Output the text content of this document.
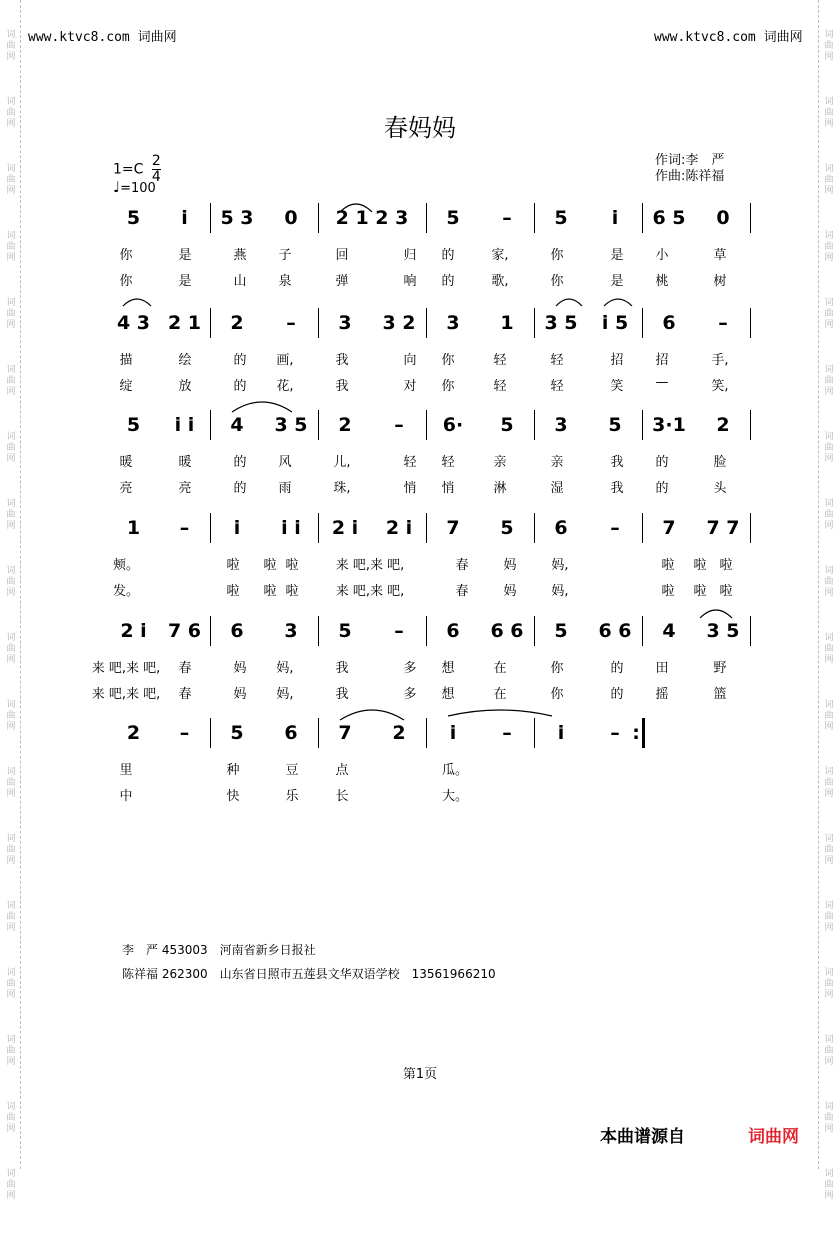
词
曲
网
词
曲
网
词
曲
网
词
曲
网
词
曲
网
词
曲
网
词
曲
网
词
曲
网
词
曲
网
词
曲
网
词
曲
网
词
曲
网
词
曲
网
词
曲
网
词
曲
网
词
曲
网
词
曲
网
词
曲
网
词
曲
网
词
曲
网
词
曲
网
词
曲
网
词
曲
网
词
曲
网
词
曲
网
词
曲
网
词
曲
网
词
曲
网
词
曲
网
词
曲
网
词
曲
网
词
曲
网
词
曲
网
词
曲
网
词
曲
网
词
曲
网
www.ktvc8.com 词曲网	www.ktvc8.com 词曲网
春妈妈
$1=C \frac{2}{4}$
♩=100
作词:李　严
作曲:陈祥福
5 i 5 3 0 2 1 2 3 5 – 5 i 6 5 0
你	是	燕 子	回	归 的	家,	你	是 小	草
你	是	山 泉	弹	响 的	歌,	你	是 桃	树
4 3 2 1 2 – 3 3 2 3 1 3 5 i 5 6 –
描	绘	的 画,	我	向 你	轻	轻	招 招	手,
绽	放	的 花,	我	对 你	轻	轻	笑 —	笑,
5 i i 4 3 5 2 – 6· 5 3 5 3·1 2
暖	暖	的 风	儿,	轻 轻	亲	亲	我 的	脸
亮	亮	的 雨	珠,	悄 悄	淋	湿	我 的	头
1 – i i i 2 i 2 i 7 5 6 – 7 7 7
颊。	啦 啦 啦	来 吧,来 吧,	春	妈	妈,	啦 啦 啦
发。	啦 啦 啦	来 吧,来 吧,	春	妈	妈,	啦 啦 啦
2 i 7 6 6 3 5 – 6 6 6 5 6 6 4 3 5
来 吧,来 吧, 春	妈 妈,	我	多 想	在	你	的 田	野
来 吧,来 吧, 春	妈 妈,	我	多 想	在	你	的 摇	篮
2 – 5 6 7 2 i – i – :
里	种	豆	点	瓜。
中	快	乐	长	大。
李　严 453003　河南省新乡日报社
陈祥福 262300　山东省日照市五莲县文华双语学校　13561966210
第1页
本曲谱源自	词曲网
